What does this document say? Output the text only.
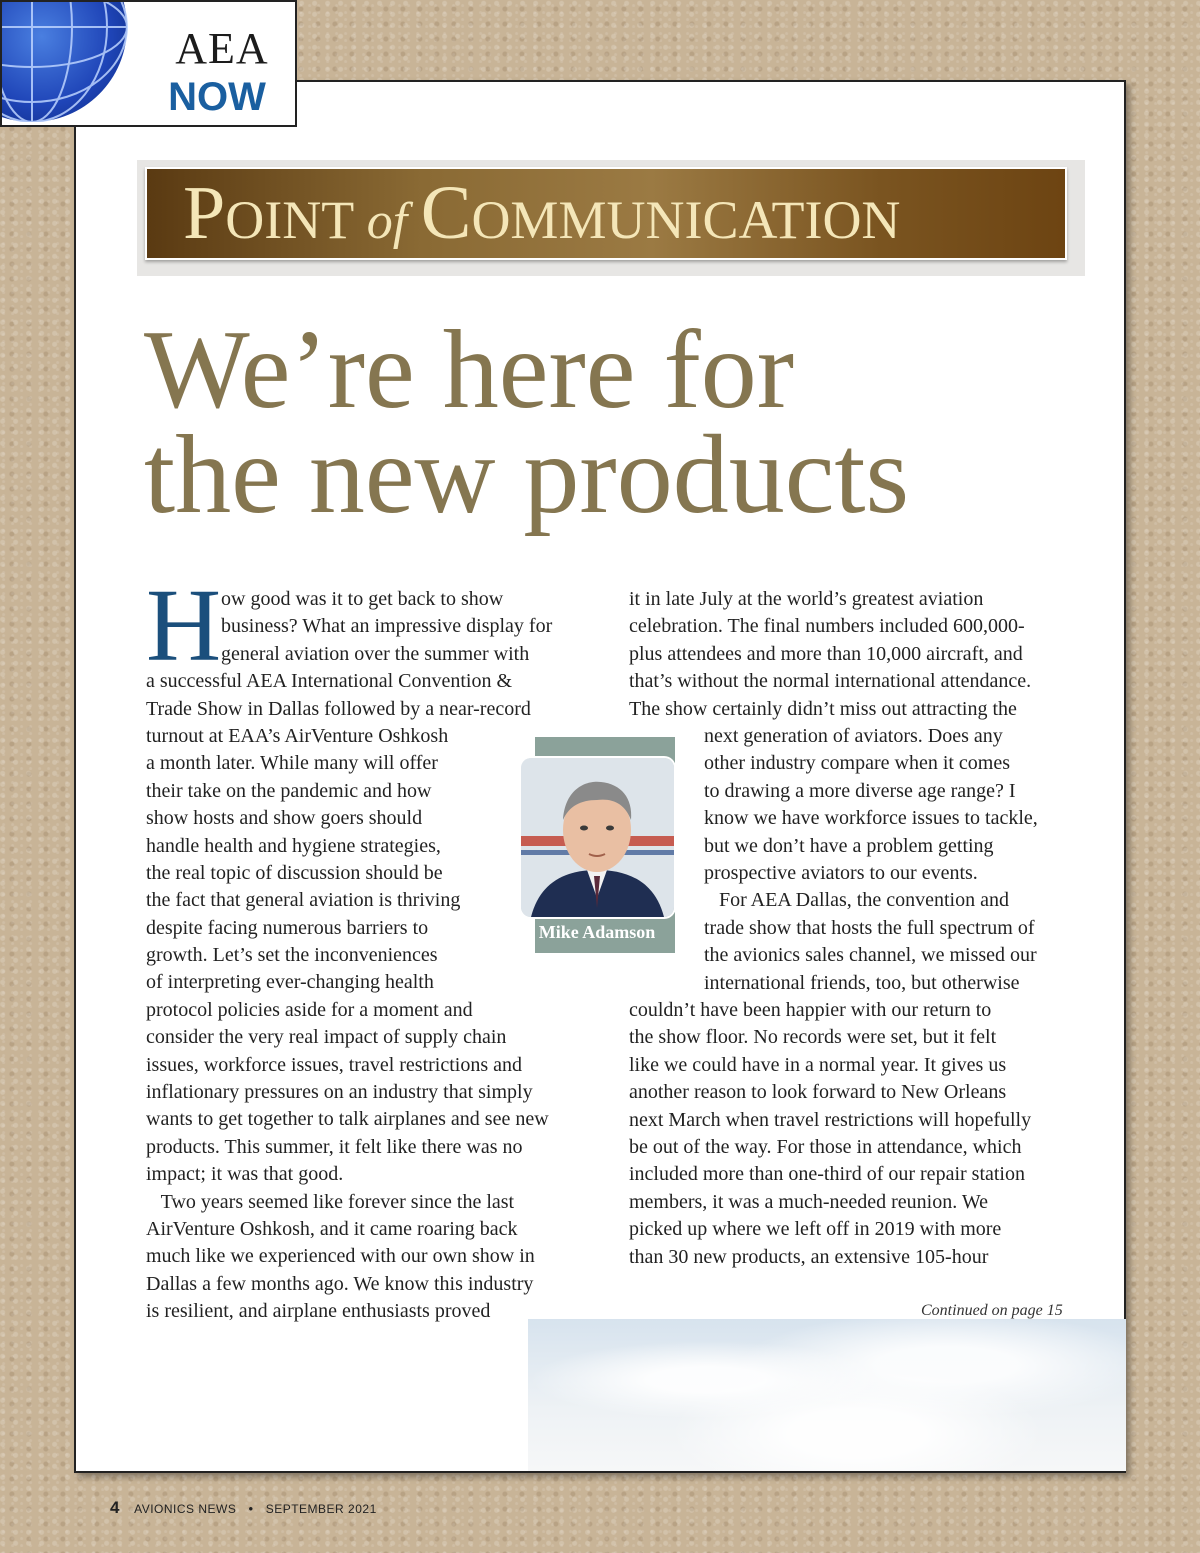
AEA
NOW
POINT of COMMUNICATION
We’re here for
the new products
H ow good was it to get back to show
business? What an impressive display for
general aviation over the summer with
a successful AEA International Convention &
Trade Show in Dallas followed by a near-record
turnout at EAA’s AirVenture Oshkosh
a month later. While many will offer
their take on the pandemic and how
show hosts and show goers should
handle health and hygiene strategies,
the real topic of discussion should be
the fact that general aviation is thriving
despite facing numerous barriers to
growth. Let’s set the inconveniences
of interpreting ever-changing health
protocol policies aside for a moment and
consider the very real impact of supply chain
issues, workforce issues, travel restrictions and
inflationary pressures on an industry that simply
wants to get together to talk airplanes and see new
products. This summer, it felt like there was no
impact; it was that good.
Two years seemed like forever since the last
AirVenture Oshkosh, and it came roaring back
much like we experienced with our own show in
Dallas a few months ago. We know this industry
is resilient, and airplane enthusiasts proved
it in late July at the world’s greatest aviation
celebration. The final numbers included 600,000-
plus attendees and more than 10,000 aircraft, and
that’s without the normal international attendance.
The show certainly didn’t miss out attracting the
next generation of aviators. Does any
other industry compare when it comes
to drawing a more diverse age range? I
know we have workforce issues to tackle,
but we don’t have a problem getting
prospective aviators to our events.
For AEA Dallas, the convention and
trade show that hosts the full spectrum of
the avionics sales channel, we missed our
international friends, too, but otherwise
couldn’t have been happier with our return to
the show floor. No records were set, but it felt
like we could have in a normal year. It gives us
another reason to look forward to New Orleans
next March when travel restrictions will hopefully
be out of the way. For those in attendance, which
included more than one-third of our repair station
members, it was a much-needed reunion. We
picked up where we left off in 2019 with more
than 30 new products, an extensive 105-hour
Mike Adamson
Continued on page 15
4 AVIONICS NEWS • SEPTEMBER 2021
